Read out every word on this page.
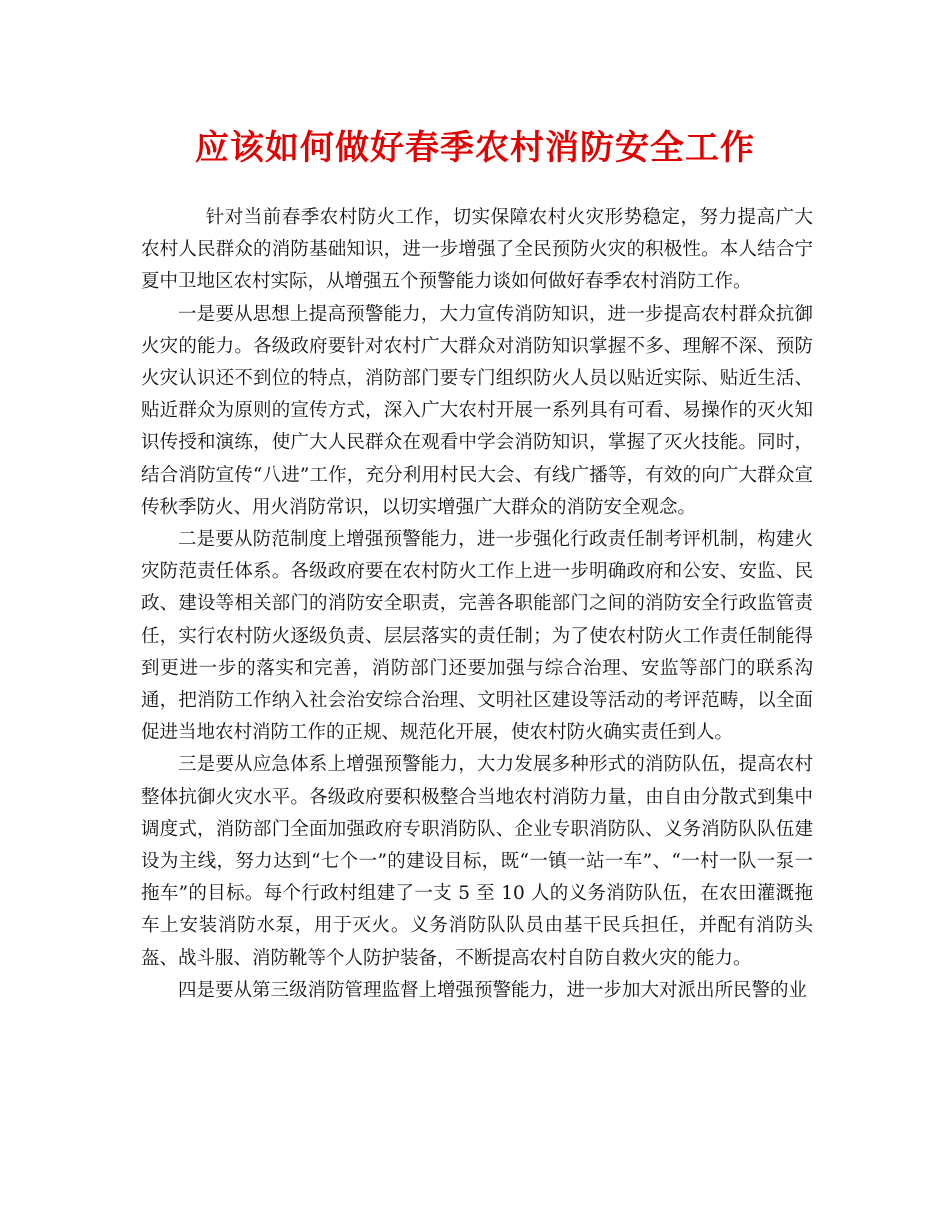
应该如何做好春季农村消防安全工作

针对当前春季农村防火工作，切实保障农村火灾形势稳定，努力提高广大农村人民群众的消防基础知识，进一步增强了全民预防火灾的积极性。本人结合宁夏中卫地区农村实际，从增强五个预警能力谈如何做好春季农村消防工作。

一是要从思想上提高预警能力，大力宣传消防知识，进一步提高农村群众抗御火灾的能力。各级政府要针对农村广大群众对消防知识掌握不多、理解不深、预防火灾认识还不到位的特点，消防部门要专门组织防火人员以贴近实际、贴近生活、贴近群众为原则的宣传方式，深入广大农村开展一系列具有可看、易操作的灭火知识传授和演练，使广大人民群众在观看中学会消防知识，掌握了灭火技能。同时，结合消防宣传“八进”工作，充分利用村民大会、有线广播等，有效的向广大群众宣传秋季防火、用火消防常识，以切实增强广大群众的消防安全观念。

二是要从防范制度上增强预警能力，进一步强化行政责任制考评机制，构建火灾防范责任体系。各级政府要在农村防火工作上进一步明确政府和公安、安监、民政、建设等相关部门的消防安全职责，完善各职能部门之间的消防安全行政监管责任，实行农村防火逐级负责、层层落实的责任制；为了使农村防火工作责任制能得到更进一步的落实和完善，消防部门还要加强与综合治理、安监等部门的联系沟通，把消防工作纳入社会治安综合治理、文明社区建设等活动的考评范畴，以全面促进当地农村消防工作的正规、规范化开展，使农村防火确实责任到人。

三是要从应急体系上增强预警能力，大力发展多种形式的消防队伍，提高农村整体抗御火灾水平。各级政府要积极整合当地农村消防力量，由自由分散式到集中调度式，消防部门全面加强政府专职消防队、企业专职消防队、义务消防队队伍建设为主线，努力达到“七个一”的建设目标，既“一镇一站一车”、“一村一队一泵一拖车”的目标。每个行政村组建了一支 5 至 10 人的义务消防队伍，在农田灌溉拖车上安装消防水泵，用于灭火。义务消防队队员由基干民兵担任，并配有消防头盔、战斗服、消防靴等个人防护装备，不断提高农村自防自救火灾的能力。

四是要从第三级消防管理监督上增强预警能力，进一步加大对派出所民警的业
